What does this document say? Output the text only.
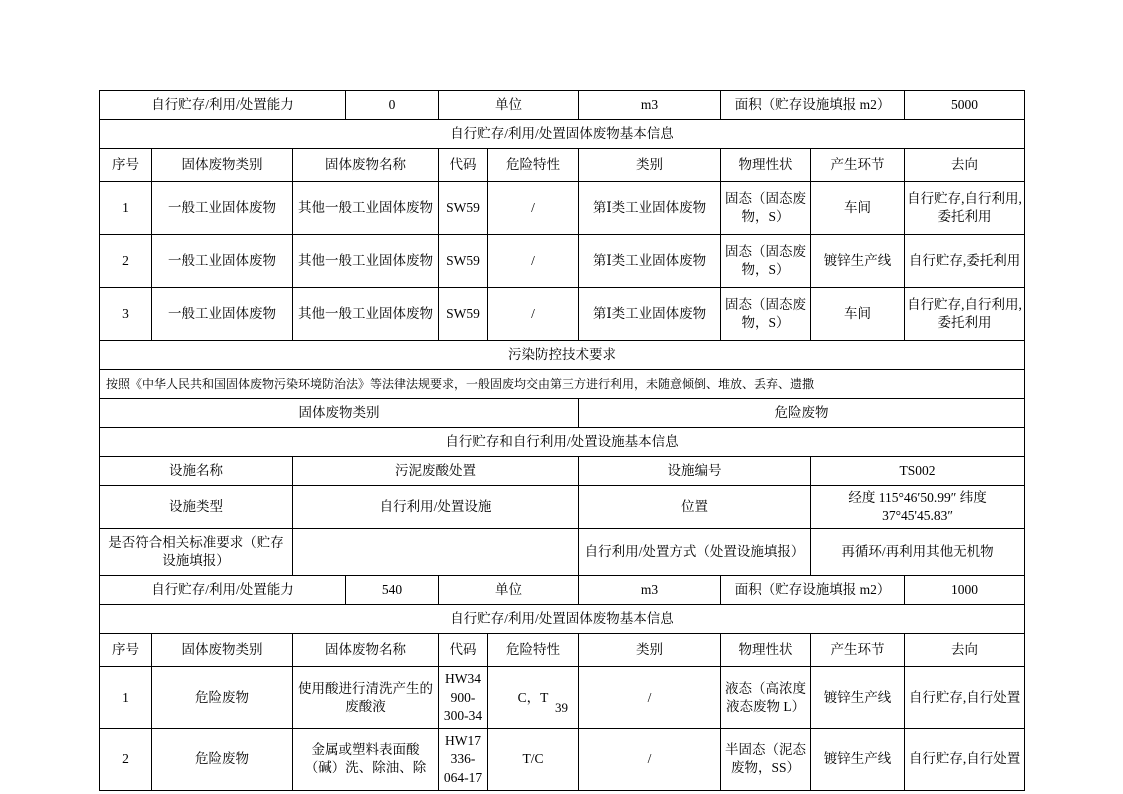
自行贮存/利用/处置能力			0	单位		m3	面积（贮存设施填报 m2）		5000
自行贮存/利用/处置固体废物基本信息									
序号	固体废物类别	固体废物名称		代码	危险特性	类别	物理性状	产生环节	去向
1	一般工业固体废物	其他一般工业固体废物		SW59	/	第Ⅰ类工业固体废物	固态（固态废物，S）	车间	自行贮存,自行利用,委托利用
2	一般工业固体废物	其他一般工业固体废物		SW59	/	第Ⅰ类工业固体废物	固态（固态废物，S）	镀锌生产线	自行贮存,委托利用
3	一般工业固体废物	其他一般工业固体废物		SW59	/	第Ⅰ类工业固体废物	固态（固态废物，S）	车间	自行贮存,自行利用,委托利用
污染防控技术要求									
按照《中华人民共和国固体废物污染环境防治法》等法律法规要求，一般固废均交由第三方进行利用，未随意倾倒、堆放、丢弃、遗撒									
固体废物类别						危险废物			
自行贮存和自行利用/处置设施基本信息									
设施名称		污泥废酸处置				设施编号		TS002	
设施类型		自行利用/处置设施				位置		经度 115°46′50.99″ 纬度 37°45'45.83″	
是否符合相关标准要求（贮存设施填报）						自行利用/处置方式（处置设施填报）		再循环/再利用其他无机物	
自行贮存/利用/处置能力			540	单位		m3	面积（贮存设施填报 m2）		1000
自行贮存/利用/处置固体废物基本信息									
序号	固体废物类别	固体废物名称		代码	危险特性	类别	物理性状	产生环节	去向
1	危险废物	使用酸进行清洗产生的废酸液		HW34 900-300-34	C，T	/	液态（高浓度液态废物 L）	镀锌生产线	自行贮存,自行处置
2	危险废物	金属或塑料表面酸（碱）洗、除油、除		HW17 336-064-17	T/C	/	半固态（泥态废物，SS）	镀锌生产线	自行贮存,自行处置
39
